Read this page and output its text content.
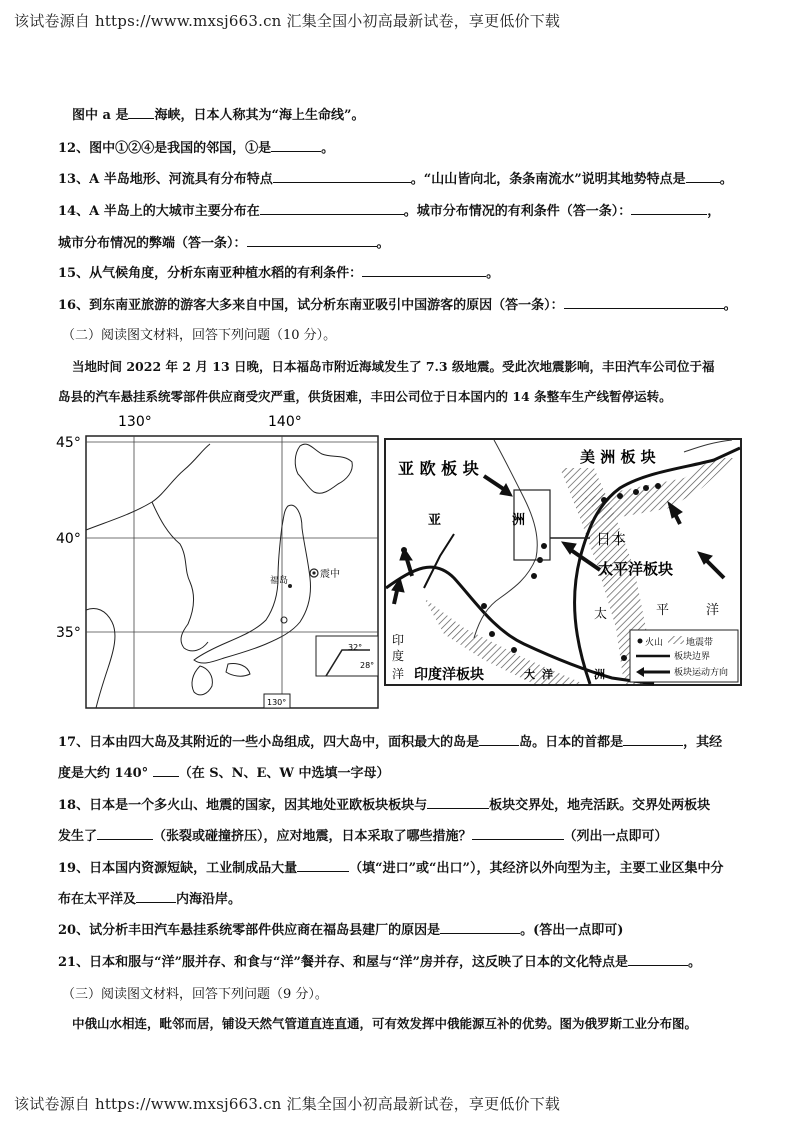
该试卷源自 https://www.mxsj663.cn 汇集全国小初高最新试卷，享更低价下载
图中 a 是 海峡，日本人称其为“海上生命线”。
12、图中①②④是我国的邻国，①是	。
13、A 半岛地形、河流具有分布特点	。“山山皆向北，条条南流水”说明其地势特点是	。
14、A 半岛上的大城市主要分布在	。城市分布情况的有利条件（答一条）：	，
城市分布情况的弊端（答一条）：	。
15、从气候角度，分析东南亚种植水稻的有利条件：	。
16、到东南亚旅游的游客大多来自中国，试分析东南亚吸引中国游客的原因（答一条）：	。
（二）阅读图文材料，回答下列问题（10 分）。
当地时间 2022 年 2 月 13 日晚，日本福岛市附近海域发生了 7.3 级地震。受此次地震影响，丰田汽车公司位于福
岛县的汽车悬挂系统零部件供应商受灾严重，供货困难，丰田公司位于日本国内的 14 条整车生产线暂停运转。
130°	140°
45°
40°
35°
震中
福岛
32°
28°
130°
亚 欧 板 块
美 洲 板 块
亚	洲
日本
太平洋板块
太	平	洋
印
度
洋 印度洋板块	大 洋	洲
火山	地震带
板块边界
板块运动方向
17、日本由四大岛及其附近的一些小岛组成，四大岛中，面积最大的岛是	岛。日本的首都是	，其经
度是大约 140° （在 S、N、E、W 中选填一字母）
18、日本是一个多火山、地震的国家，因其地处亚欧板块板块与	板块交界处，地壳活跃。交界处两板块
发生了	（张裂或碰撞挤压），应对地震，日本采取了哪些措施？	（列出一点即可）
19、日本国内资源短缺，工业制成品大量	（填“进口”或“出口”），其经济以外向型为主，主要工业区集中分
布在太平洋及	内海沿岸。
20、试分析丰田汽车悬挂系统零部件供应商在福岛县建厂的原因是	。(答出一点即可)
21、日本和服与“洋”服并存、和食与“洋”餐并存、和屋与“洋”房并存，这反映了日本的文化特点是	。
（三）阅读图文材料，回答下列问题（9 分）。
中俄山水相连，毗邻而居，铺设天然气管道直连直通，可有效发挥中俄能源互补的优势。图为俄罗斯工业分布图。
该试卷源自 https://www.mxsj663.cn 汇集全国小初高最新试卷，享更低价下载
